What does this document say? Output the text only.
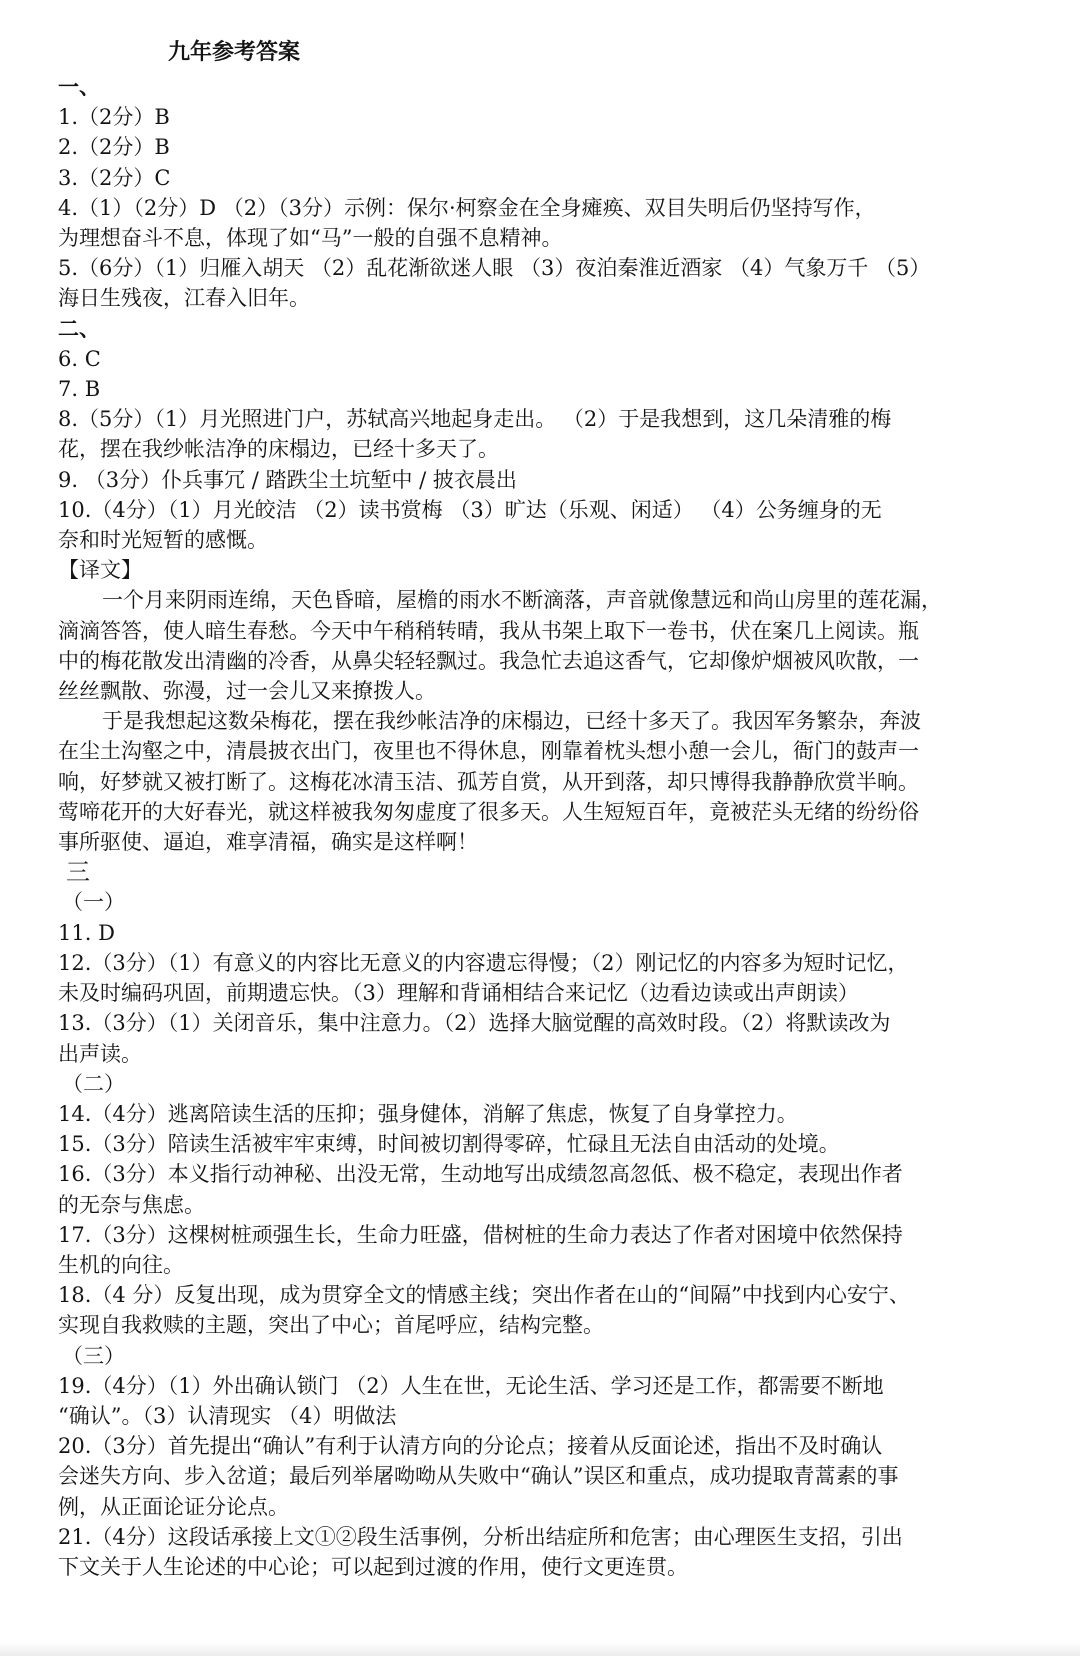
九年参考答案
一、
1.（2分）B
2.（2分）B
3.（2分）C
4.（1）（2分）D （2）（3分）示例：保尔·柯察金在全身瘫痪、双目失明后仍坚持写作，
为理想奋斗不息，体现了如“马”一般的自强不息精神。
5.（6分）（1）归雁入胡天 （2）乱花渐欲迷人眼 （3）夜泊秦淮近酒家 （4）气象万千 （5）
海日生残夜，江春入旧年。
二、
6. C
7. B
8.（5分）（1）月光照进门户，苏轼高兴地起身走出。 （2）于是我想到，这几朵清雅的梅
花，摆在我纱帐洁净的床榻边，已经十多天了。
9. （3分）仆兵事冗 / 踏跌尘土坑堑中 / 披衣晨出
10.（4分）（1）月光皎洁 （2）读书赏梅 （3）旷达（乐观、闲适） （4）公务缠身的无
奈和时光短暂的感慨。
【译文】
一个月来阴雨连绵，天色昏暗，屋檐的雨水不断滴落，声音就像慧远和尚山房里的莲花漏，
滴滴答答，使人暗生春愁。今天中午稍稍转晴，我从书架上取下一卷书，伏在案几上阅读。瓶
中的梅花散发出清幽的冷香，从鼻尖轻轻飘过。我急忙去追这香气，它却像炉烟被风吹散，一
丝丝飘散、弥漫，过一会儿又来撩拨人。
于是我想起这数朵梅花，摆在我纱帐洁净的床榻边，已经十多天了。我因军务繁杂，奔波
在尘土沟壑之中，清晨披衣出门，夜里也不得休息，刚靠着枕头想小憩一会儿，衙门的鼓声一
响，好梦就又被打断了。这梅花冰清玉洁、孤芳自赏，从开到落，却只博得我静静欣赏半晌。
莺啼花开的大好春光，就这样被我匆匆虚度了很多天。人生短短百年，竟被茫头无绪的纷纷俗
事所驱使、逼迫，难享清福，确实是这样啊！
三
（一）
11. D
12.（3分）（1）有意义的内容比无意义的内容遗忘得慢；（2）刚记忆的内容多为短时记忆，
未及时编码巩固，前期遗忘快。（3）理解和背诵相结合来记忆（边看边读或出声朗读）
13.（3分）（1）关闭音乐，集中注意力。（2）选择大脑觉醒的高效时段。（2）将默读改为
出声读。
（二）
14.（4分）逃离陪读生活的压抑；强身健体，消解了焦虑，恢复了自身掌控力。
15.（3分）陪读生活被牢牢束缚，时间被切割得零碎，忙碌且无法自由活动的处境。
16.（3分）本义指行动神秘、出没无常，生动地写出成绩忽高忽低、极不稳定，表现出作者
的无奈与焦虑。
17.（3分）这棵树桩顽强生长，生命力旺盛，借树桩的生命力表达了作者对困境中依然保持
生机的向往。
18.（4 分）反复出现，成为贯穿全文的情感主线；突出作者在山的“间隔”中找到内心安宁、
实现自我救赎的主题，突出了中心；首尾呼应，结构完整。
（三）
19.（4分）（1）外出确认锁门 （2）人生在世，无论生活、学习还是工作，都需要不断地
“确认”。（3）认清现实 （4）明做法
20.（3分）首先提出“确认”有利于认清方向的分论点；接着从反面论述，指出不及时确认
会迷失方向、步入岔道；最后列举屠呦呦从失败中“确认”误区和重点，成功提取青蒿素的事
例，从正面论证分论点。
21.（4分）这段话承接上文①②段生活事例，分析出结症所和危害；由心理医生支招，引出
下文关于人生论述的中心论；可以起到过渡的作用，使行文更连贯。
